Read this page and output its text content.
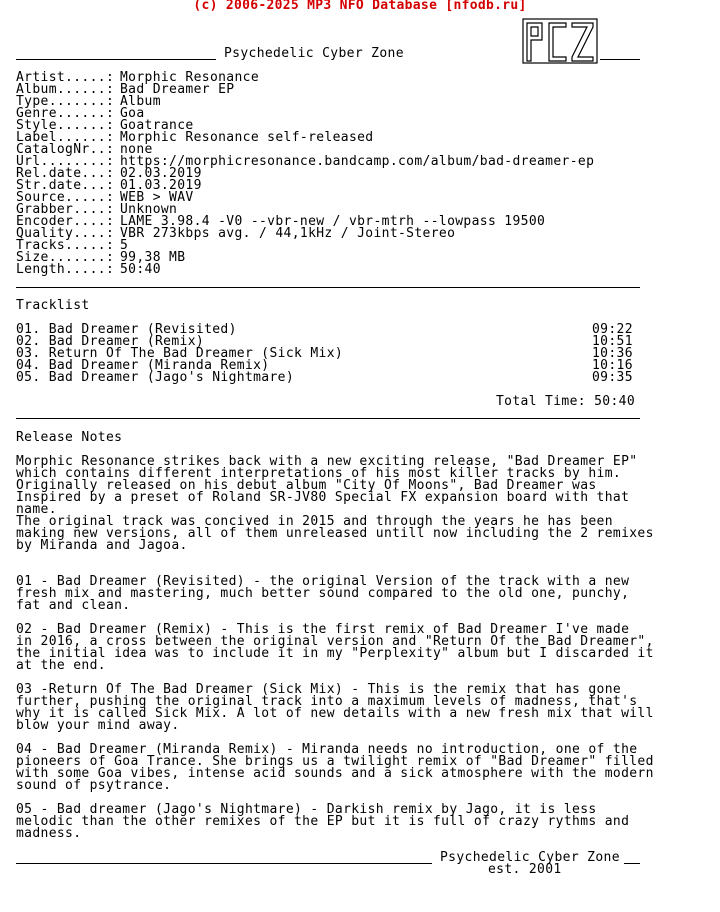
(c) 2006-2025 MP3 NFO Database [nfodb.ru]
Psychedelic Cyber Zone	PCZ
Artist.....: Morphic Resonance
Album......: Bad Dreamer EP
Type.......: Album
Genre......: Goa
Style......: Goatrance
Label......: Morphic Resonance self-released
CatalogNr..: none
Url........: https://morphicresonance.bandcamp.com/album/bad-dreamer-ep
Rel.date...: 02.03.2019
Str.date...: 01.03.2019
Source.....: WEB > WAV
Grabber....: Unknown
Encoder....: LAME 3.98.4 -V0 --vbr-new / vbr-mtrh --lowpass 19500
Quality....: VBR 273kbps avg. / 44,1kHz / Joint-Stereo
Tracks.....: 5
Size.......: 99,38 MB
Length.....: 50:40
Tracklist
01. Bad Dreamer (Revisited)	09:22
02. Bad Dreamer (Remix)	10:51
03. Return Of The Bad Dreamer (Sick Mix)	10:36
04. Bad Dreamer (Miranda Remix)	10:16
05. Bad Dreamer (Jago's Nightmare)	09:35
Total Time: 50:40
Release Notes
Morphic Resonance strikes back with a new exciting release, "Bad Dreamer EP"
which contains different interpretations of his most killer tracks by him.
Originally released on his debut album "City Of Moons", Bad Dreamer was
Inspired by a preset of Roland SR-JV80 Special FX expansion board with that
name.
The original track was concived in 2015 and through the years he has been
making new versions, all of them unreleased untill now including the 2 remixes
by Miranda and Jagoa.
01 - Bad Dreamer (Revisited) - the original Version of the track with a new
fresh mix and mastering, much better sound compared to the old one, punchy,
fat and clean.
02 - Bad Dreamer (Remix) - This is the first remix of Bad Dreamer I've made
in 2016, a cross between the original version and "Return Of the Bad Dreamer",
the initial idea was to include it in my "Perplexity" album but I discarded it
at the end.
03 -Return Of The Bad Dreamer (Sick Mix) - This is the remix that has gone
further, pushing the original track into a maximum levels of madness, that's
why it is called Sick Mix. A lot of new details with a new fresh mix that will
blow your mind away.
04 - Bad Dreamer (Miranda Remix) - Miranda needs no introduction, one of the
pioneers of Goa Trance. She brings us a twilight remix of "Bad Dreamer" filled
with some Goa vibes, intense acid sounds and a sick atmosphere with the modern
sound of psytrance.
05 - Bad dreamer (Jago's Nightmare) - Darkish remix by Jago, it is less
melodic than the other remixes of the EP but it is full of crazy rythms and
madness.
Psychedelic Cyber Zone
est. 2001
